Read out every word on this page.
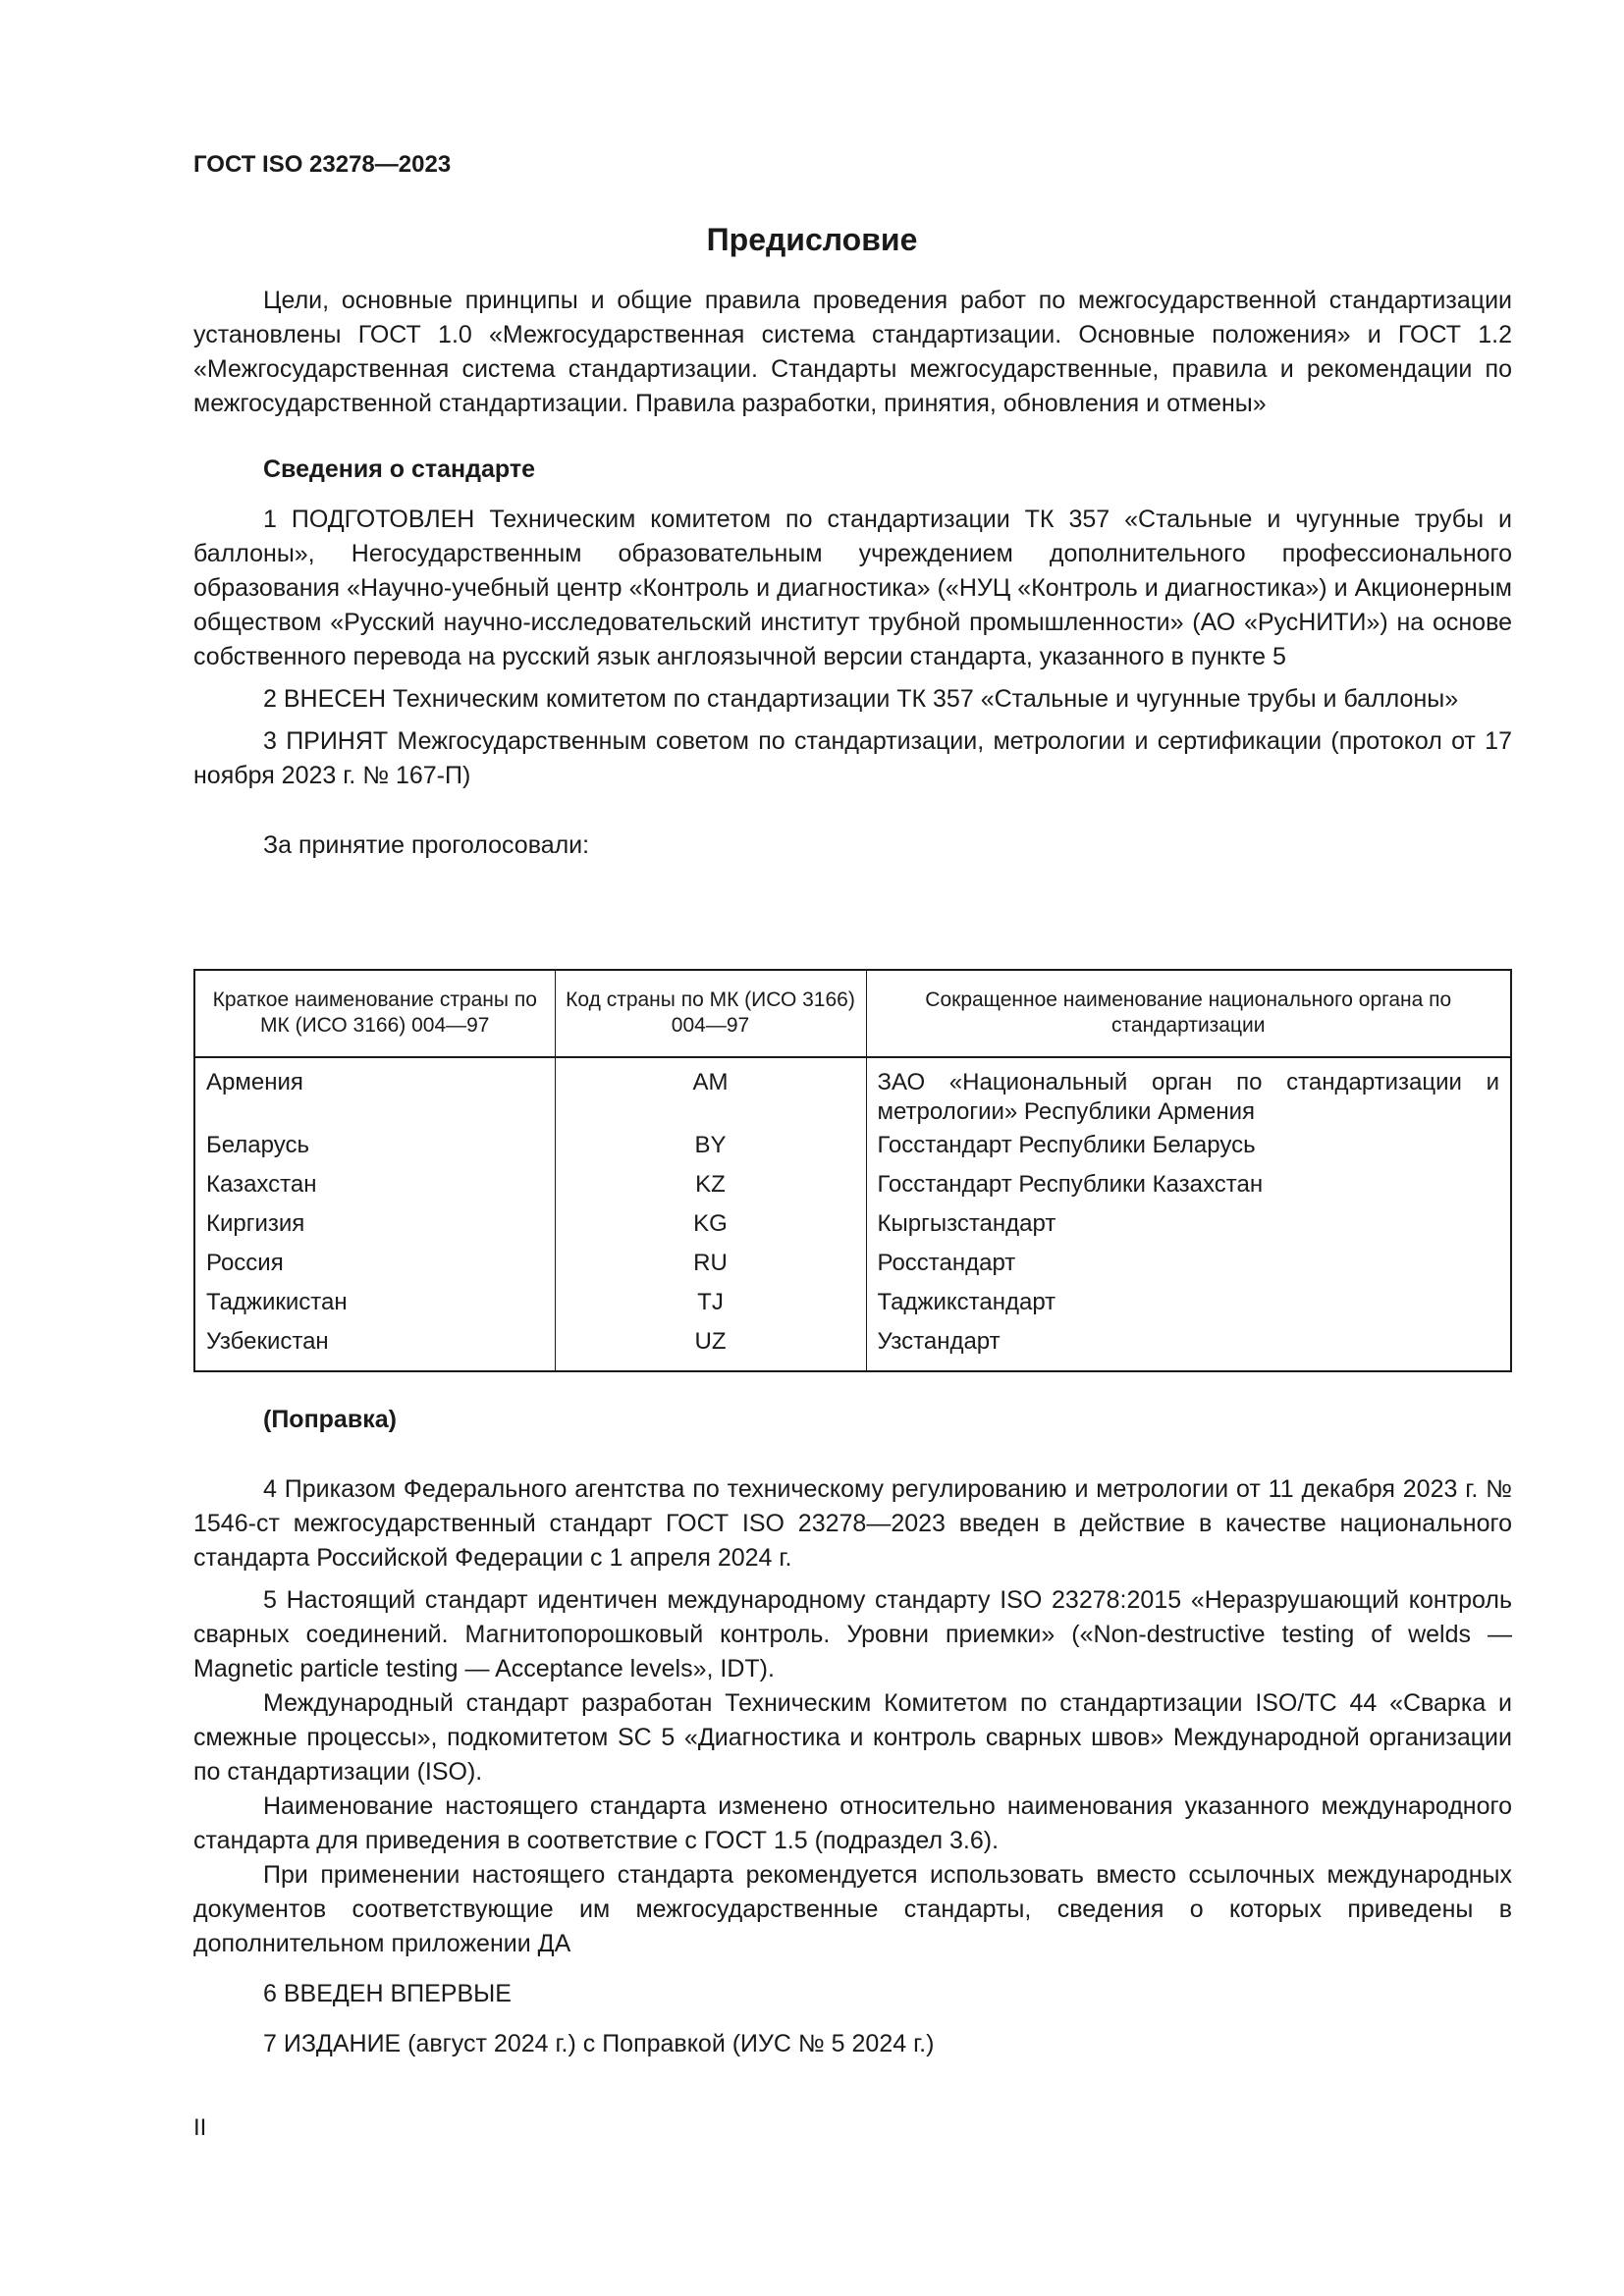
ГОСТ ISO 23278—2023

Предисловие

Цели, основные принципы и общие правила проведения работ по межгосударственной стандартизации установлены ГОСТ 1.0 «Межгосударственная система стандартизации. Основные положения» и ГОСТ 1.2 «Межгосударственная система стандартизации. Стандарты межгосударственные, правила и рекомендации по межгосударственной стандартизации. Правила разработки, принятия, обновления и отмены»

Сведения о стандарте

1 ПОДГОТОВЛЕН Техническим комитетом по стандартизации ТК 357 «Стальные и чугунные трубы и баллоны», Негосударственным образовательным учреждением дополнительного профессионального образования «Научно-учебный центр «Контроль и диагностика» («НУЦ «Контроль и диагностика») и Акционерным обществом «Русский научно-исследовательский институт трубной промышленности» (АО «РусНИТИ») на основе собственного перевода на русский язык англоязычной версии стандарта, указанного в пункте 5

2 ВНЕСЕН Техническим комитетом по стандартизации ТК 357 «Стальные и чугунные трубы и баллоны»

3 ПРИНЯТ Межгосударственным советом по стандартизации, метрологии и сертификации (протокол от 17 ноября 2023 г. № 167-П)

За принятие проголосовали:

Краткое наименование страны по МК (ИСО 3166) 004—97	Код страны по МК (ИСО 3166) 004—97	Сокращенное наименование национального органа по стандартизации
Армения	AM	ЗАО «Национальный орган по стандартизации и метрологии» Республики Армения
Беларусь	BY	Госстандарт Республики Беларусь
Казахстан	KZ	Госстандарт Республики Казахстан
Киргизия	KG	Кыргызстандарт
Россия	RU	Росстандарт
Таджикистан	TJ	Таджикстандарт
Узбекистан	UZ	Узстандарт

(Поправка)

4 Приказом Федерального агентства по техническому регулированию и метрологии от 11 декабря 2023 г. № 1546-ст межгосударственный стандарт ГОСТ ISO 23278—2023 введен в действие в качестве национального стандарта Российской Федерации с 1 апреля 2024 г.

5 Настоящий стандарт идентичен международному стандарту ISO 23278:2015 «Неразрушающий контроль сварных соединений. Магнитопорошковый контроль. Уровни приемки» («Non-destructive testing of welds — Magnetic particle testing — Acceptance levels», IDT).

Международный стандарт разработан Техническим Комитетом по стандартизации ISO/TC 44 «Сварка и смежные процессы», подкомитетом SC 5 «Диагностика и контроль сварных швов» Международной организации по стандартизации (ISO).

Наименование настоящего стандарта изменено относительно наименования указанного международного стандарта для приведения в соответствие с ГОСТ 1.5 (подраздел 3.6).

При применении настоящего стандарта рекомендуется использовать вместо ссылочных международных документов соответствующие им межгосударственные стандарты, сведения о которых приведены в дополнительном приложении ДА

6 ВВЕДЕН ВПЕРВЫЕ

7 ИЗДАНИЕ (август 2024 г.) с Поправкой (ИУС № 5 2024 г.)

II
